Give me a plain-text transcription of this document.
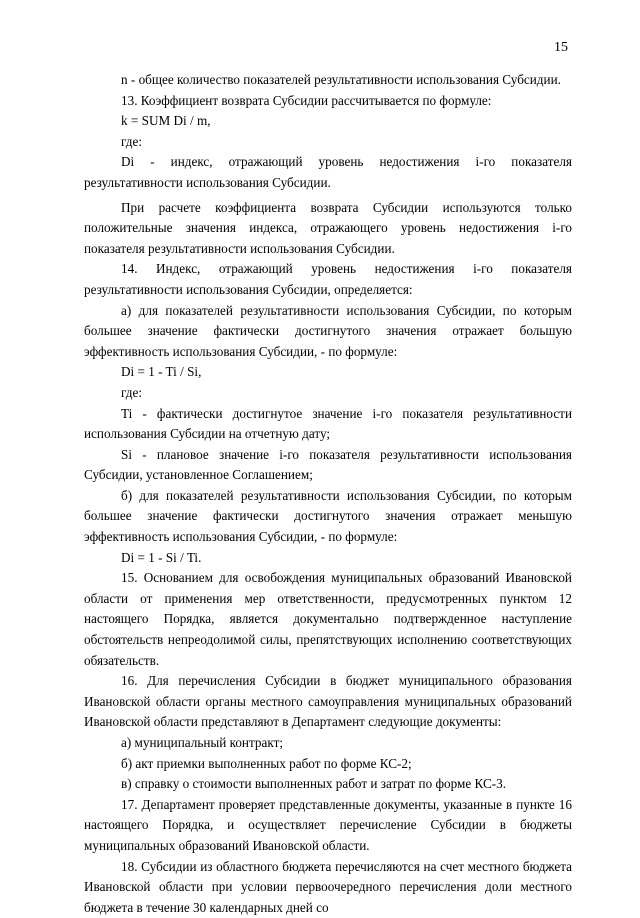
15

n - общее количество показателей результативности использования Субсидии.

13. Коэффициент возврата Субсидии рассчитывается по формуле:

k = SUM Di / m,

где:

Di - индекс, отражающий уровень недостижения i-го показателя результативности использования Субсидии.

При расчете коэффициента возврата Субсидии используются только положительные значения индекса, отражающего уровень недостижения i-го показателя результативности использования Субсидии.

14. Индекс, отражающий уровень недостижения i-го показателя результативности использования Субсидии, определяется:

а) для показателей результативности использования Субсидии, по которым большее значение фактически достигнутого значения отражает большую эффективность использования Субсидии, - по формуле:

Di = 1 - Ti / Si,

где:

Ti - фактически достигнутое значение i-го показателя результативности использования Субсидии на отчетную дату;

Si - плановое значение i-го показателя результативности использования Субсидии, установленное Соглашением;

б) для показателей результативности использования Субсидии, по которым большее значение фактически достигнутого значения отражает меньшую эффективность использования Субсидии, - по формуле:

Di = 1 - Si / Ti.

15. Основанием для освобождения муниципальных образований Ивановской области от применения мер ответственности, предусмотренных пунктом 12 настоящего Порядка, является документально подтвержденное наступление обстоятельств непреодолимой силы, препятствующих исполнению соответствующих обязательств.

16. Для перечисления Субсидии в бюджет муниципального образования Ивановской области органы местного самоуправления муниципальных образований Ивановской области представляют в Департамент следующие документы:

а) муниципальный контракт;

б) акт приемки выполненных работ по форме КС-2;

в) справку о стоимости выполненных работ и затрат по форме КС-3.

17. Департамент проверяет представленные документы, указанные в пункте 16 настоящего Порядка, и осуществляет перечисление Субсидии в бюджеты муниципальных образований Ивановской области.

18. Субсидии из областного бюджета перечисляются на счет местного бюджета Ивановской области при условии первоочередного перечисления доли местного бюджета в течение 30 календарных дней со
